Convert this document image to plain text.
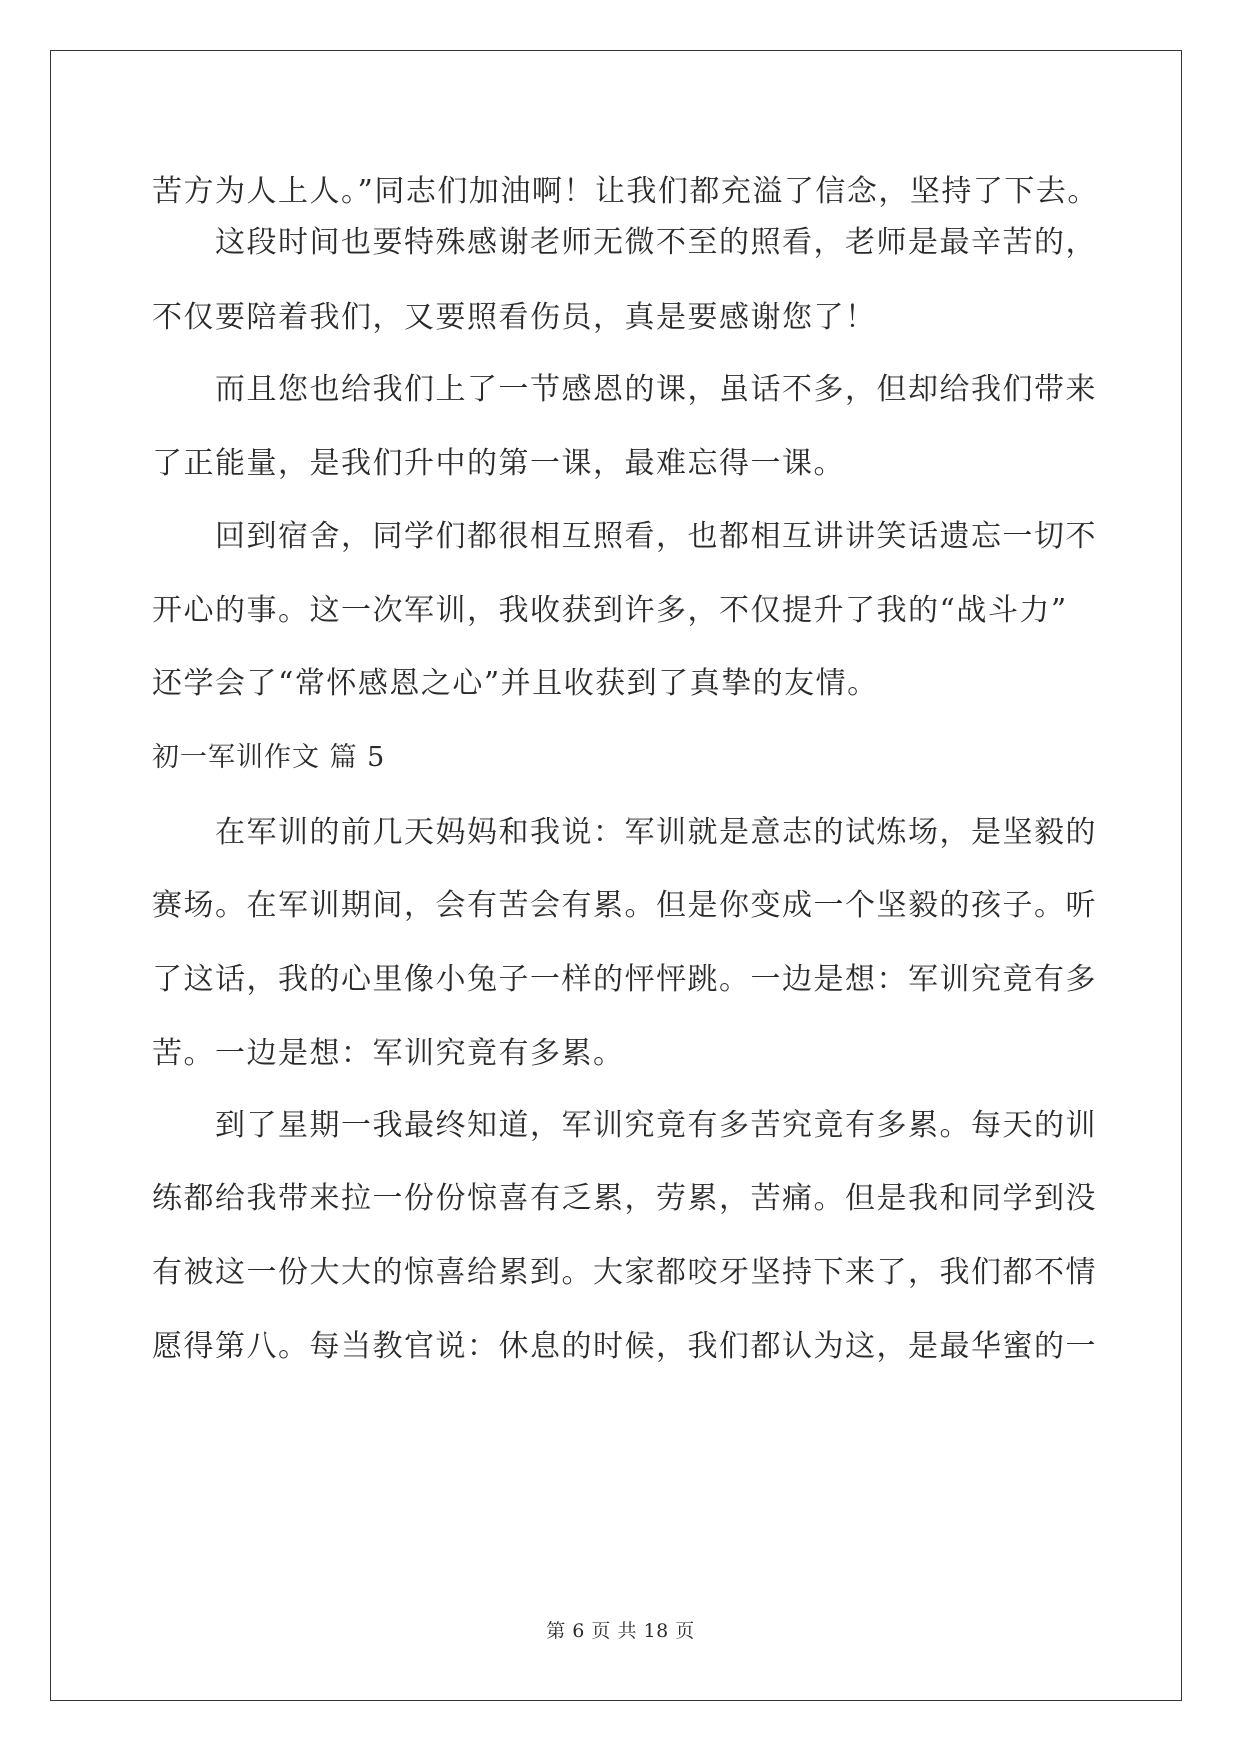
苦方为人上人。”同志们加油啊！让我们都充溢了信念，坚持了下去。
这段时间也要特殊感谢老师无微不至的照看，老师是最辛苦的，
不仅要陪着我们，又要照看伤员，真是要感谢您了！
而且您也给我们上了一节感恩的课，虽话不多，但却给我们带来
了正能量，是我们升中的第一课，最难忘得一课。
回到宿舍，同学们都很相互照看，也都相互讲讲笑话遗忘一切不
开心的事。这一次军训，我收获到许多，不仅提升了我的“战斗力”
还学会了“常怀感恩之心”并且收获到了真挚的友情。
初一军训作文 篇 5
在军训的前几天妈妈和我说：军训就是意志的试炼场，是坚毅的
赛场。在军训期间，会有苦会有累。但是你变成一个坚毅的孩子。听
了这话，我的心里像小兔子一样的怦怦跳。一边是想：军训究竟有多
苦。一边是想：军训究竟有多累。
到了星期一我最终知道，军训究竟有多苦究竟有多累。每天的训
练都给我带来拉一份份惊喜有乏累，劳累，苦痛。但是我和同学到没
有被这一份大大的惊喜给累到。大家都咬牙坚持下来了，我们都不情
愿得第八。每当教官说：休息的时候，我们都认为这，是最华蜜的一
第 6 页 共 18 页
